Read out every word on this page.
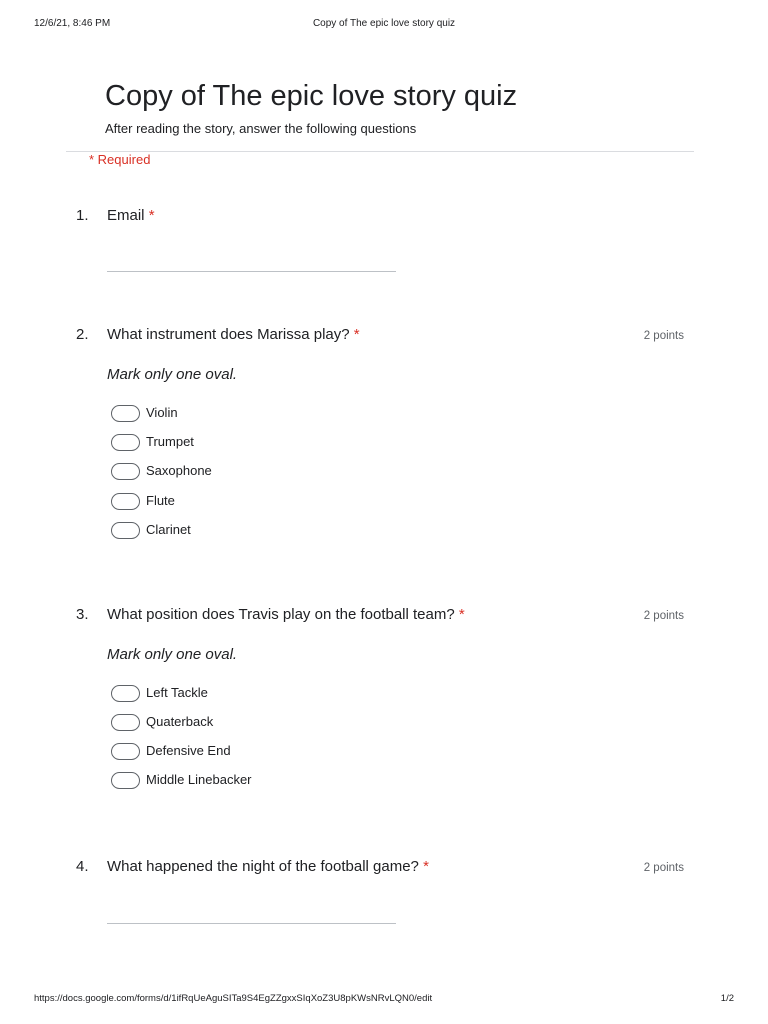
12/6/21, 8:46 PM	Copy of The epic love story quiz
Copy of The epic love story quiz
After reading the story, answer the following questions
* Required
1. Email *
2. What instrument does Marissa play? *	2 points
Mark only one oval.
Violin
Trumpet
Saxophone
Flute
Clarinet
3. What position does Travis play on the football team? *	2 points
Mark only one oval.
Left Tackle
Quaterback
Defensive End
Middle Linebacker
4. What happened the night of the football game? *	2 points
https://docs.google.com/forms/d/1ifRqUeAguSITa9S4EgZZgxxSIqXoZ3U8pKWsNRvLQN0/edit	1/2
